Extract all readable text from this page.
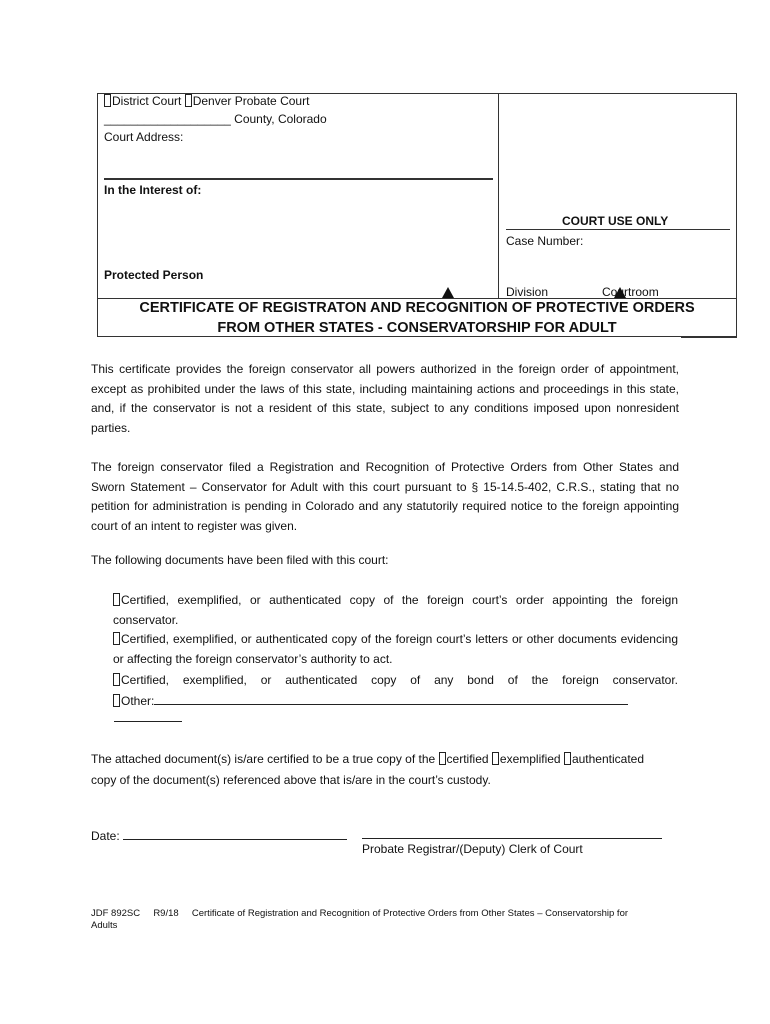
District Court Denver Probate Court
___________________ County, Colorado
Court Address:
In the Interest of:
Protected Person
COURT USE ONLY
Case Number:
Division	Courtroom
CERTIFICATE OF REGISTRATON AND RECOGNITION OF PROTECTIVE ORDERS
FROM OTHER STATES - CONSERVATORSHIP FOR ADULT
This certificate provides the foreign conservator all powers authorized in the foreign order of appointment, except as prohibited under the laws of this state, including maintaining actions and proceedings in this state, and, if the conservator is not a resident of this state, subject to any conditions imposed upon nonresident parties.
The foreign conservator filed a Registration and Recognition of Protective Orders from Other States and Sworn Statement – Conservator for Adult with this court pursuant to § 15-14.5-402, C.R.S., stating that no petition for administration is pending in Colorado and any statutorily required notice to the foreign appointing court of an intent to register was given.
The following documents have been filed with this court:
Certified, exemplified, or authenticated copy of the foreign court’s order appointing the foreign conservator.
Certified, exemplified, or authenticated copy of the foreign court’s letters or other documents evidencing or affecting the foreign conservator’s authority to act.
Certified, exemplified, or authenticated copy of any bond of the foreign conservator.
Other:
The attached document(s) is/are certified to be a true copy of the certified exemplified authenticated
copy of the document(s) referenced above that is/are in the court’s custody.
Date:
Probate Registrar/(Deputy) Clerk of Court
JDF 892SC R9/18 Certificate of Registration and Recognition of Protective Orders from Other States – Conservatorship for
Adults
